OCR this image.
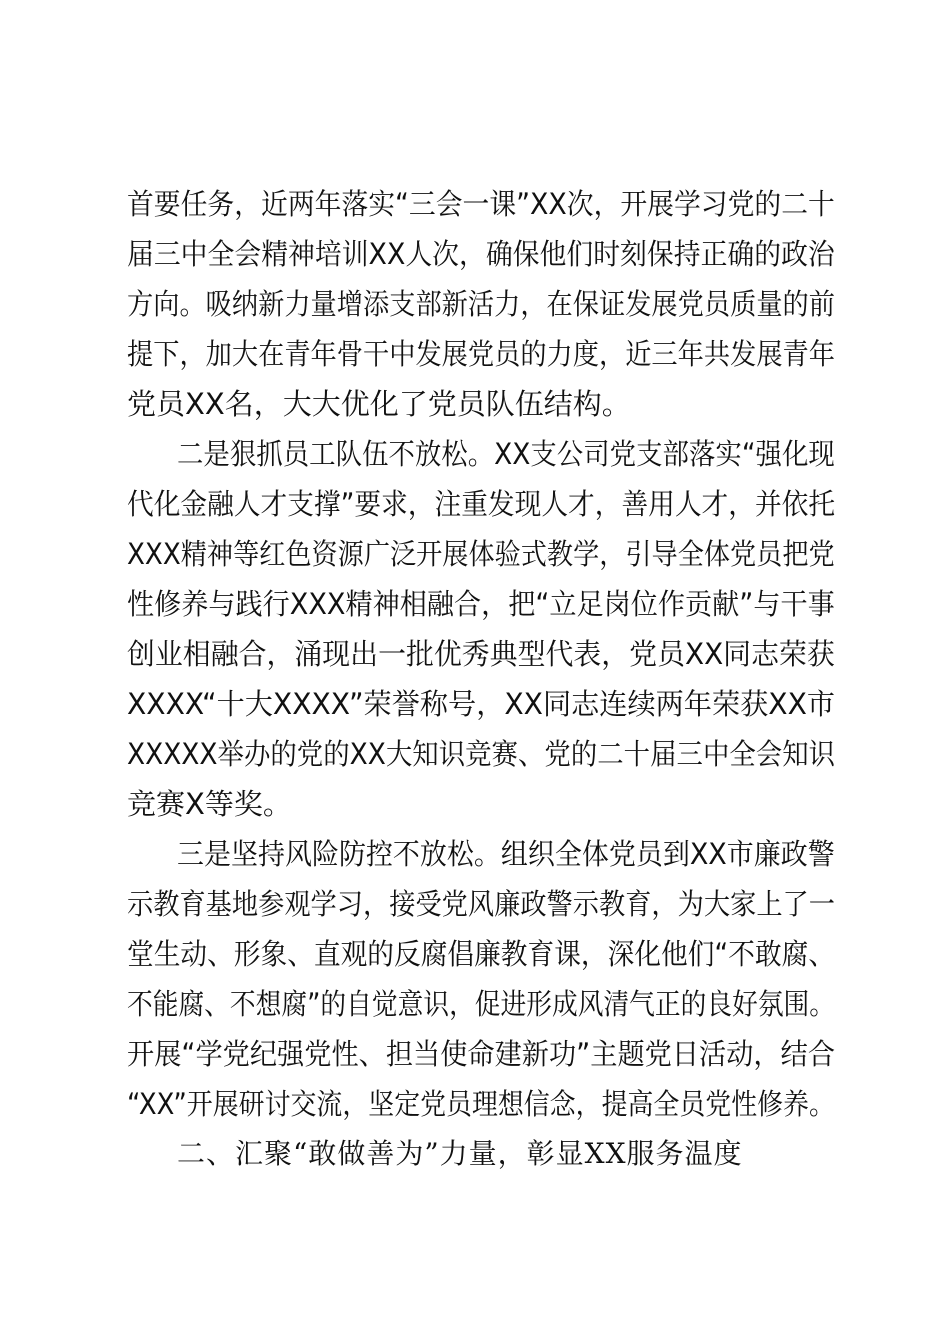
首要任务，近两年落实“三会一课”XX次，开展学习党的二十
届三中全会精神培训XX人次，确保他们时刻保持正确的政治
方向。吸纳新力量增添支部新活力，在保证发展党员质量的前
提下，加大在青年骨干中发展党员的力度，近三年共发展青年
党员XX名，大大优化了党员队伍结构。
二是狠抓员工队伍不放松。XX支公司党支部落实“强化现
代化金融人才支撑”要求，注重发现人才，善用人才，并依托
XXX精神等红色资源广泛开展体验式教学，引导全体党员把党
性修养与践行XXX精神相融合，把“立足岗位作贡献”与干事
创业相融合，涌现出一批优秀典型代表，党员XX同志荣获
XXXX“十大XXXX”荣誉称号，XX同志连续两年荣获XX市
XXXXX举办的党的XX大知识竞赛、党的二十届三中全会知识
竞赛X等奖。
三是坚持风险防控不放松。组织全体党员到XX市廉政警
示教育基地参观学习，接受党风廉政警示教育，为大家上了一
堂生动、形象、直观的反腐倡廉教育课，深化他们“不敢腐、
不能腐、不想腐”的自觉意识，促进形成风清气正的良好氛围。
开展“学党纪强党性、担当使命建新功”主题党日活动，结合
“XX”开展研讨交流，坚定党员理想信念，提高全员党性修养。
二、汇聚“敢做善为”力量，彰显XX服务温度
